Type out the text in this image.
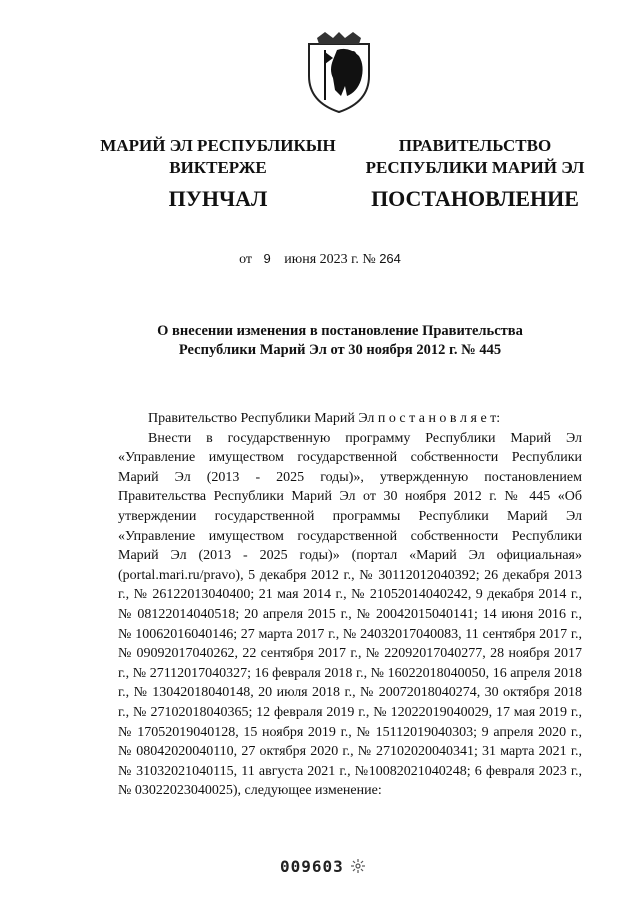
МАРИЙ ЭЛ РЕСПУБЛИКЫН
ВИКТЕРЖЕ
ПУНЧАЛ
ПРАВИТЕЛЬСТВО
РЕСПУБЛИКИ МАРИЙ ЭЛ
ПОСТАНОВЛЕНИЕ
от 9 июня 2023 г. № 264
О внесении изменения в постановление Правительства
Республики Марий Эл от 30 ноября 2012 г. № 445

Правительство Республики Марий Эл п о с т а н о в л я е т:

Внести в государственную программу Республики Марий Эл «Управление имуществом государственной собственности Республики Марий Эл (2013 - 2025 годы)», утвержденную постановлением Правительства Республики Марий Эл от 30 ноября 2012 г. № 445 «Об утверждении государственной программы Республики Марий Эл «Управление имуществом государственной собственности Республики Марий Эл (2013 - 2025 годы)» (портал «Марий Эл официальная» (portal.mari.ru/pravo), 5 декабря 2012 г., № 30112012040392; 26 декабря 2013 г., № 26122013040400; 21 мая 2014 г., № 21052014040242, 9 декабря 2014 г., № 08122014040518; 20 апреля 2015 г., № 20042015040141; 14 июня 2016 г., № 10062016040146; 27 марта 2017 г., № 24032017040083, 11 сентября 2017 г., № 09092017040262, 22 сентября 2017 г., № 22092017040277, 28 ноября 2017 г., № 27112017040327; 16 февраля 2018 г., № 16022018040050, 16 апреля 2018 г., № 13042018040148, 20 июля 2018 г., № 20072018040274, 30 октября 2018 г., № 27102018040365; 12 февраля 2019 г., № 12022019040029, 17 мая 2019 г., № 17052019040128, 15 ноября 2019 г., № 15112019040303; 9 апреля 2020 г., № 08042020040110, 27 октября 2020 г., № 27102020040341; 31 марта 2021 г., № 31032021040115, 11 августа 2021 г., №10082021040248; 6 февраля 2023 г., № 03022023040025), следующее изменение:

009603
